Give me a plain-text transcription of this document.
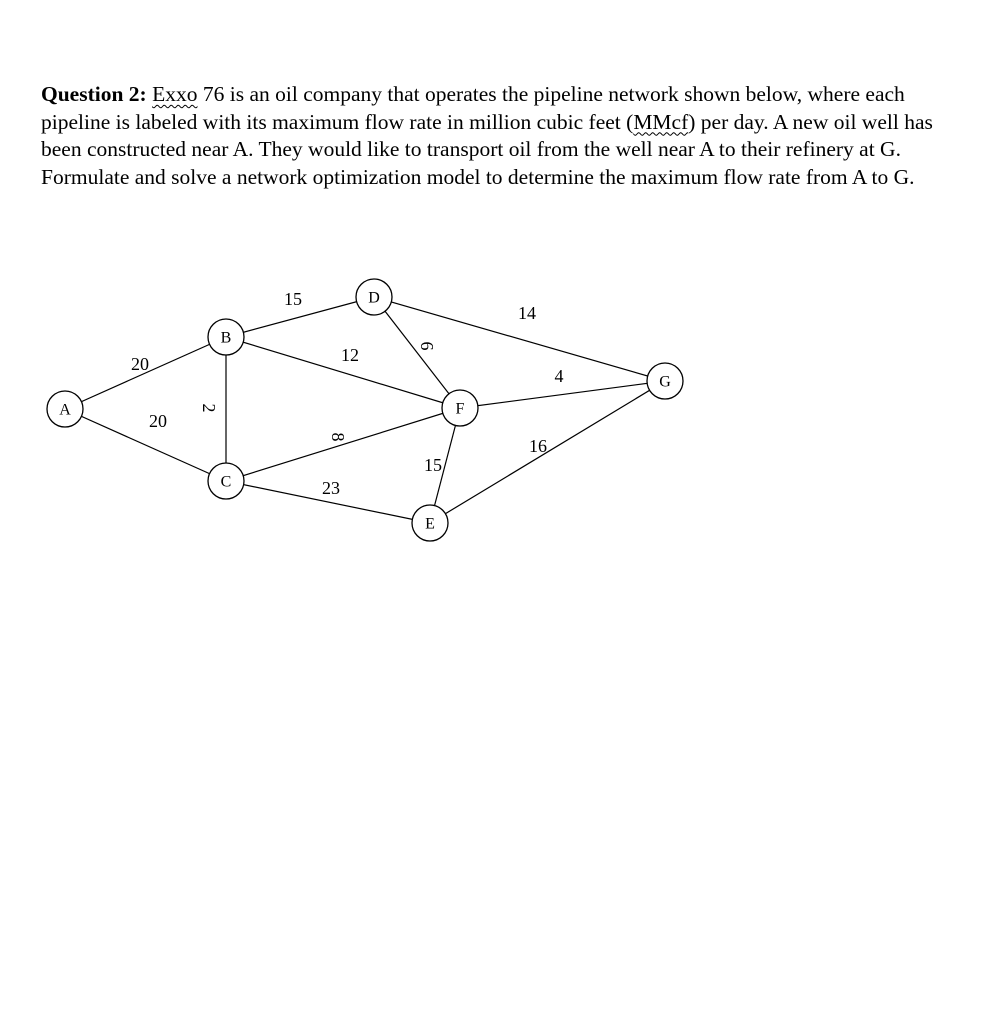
Question 2: Exxo 76 is an oil company that operates the pipeline network shown below, where each pipeline is labeled with its maximum flow rate in million cubic feet (MMcf) per day. A new oil well has been constructed near A. They would like to transport oil from the well near A to their refinery at G. Formulate and solve a network optimization model to determine the maximum flow rate from A to G.

20
20
2
15
12	6
14
8
23
15
4
16
A
B
C
D
E
F
G
